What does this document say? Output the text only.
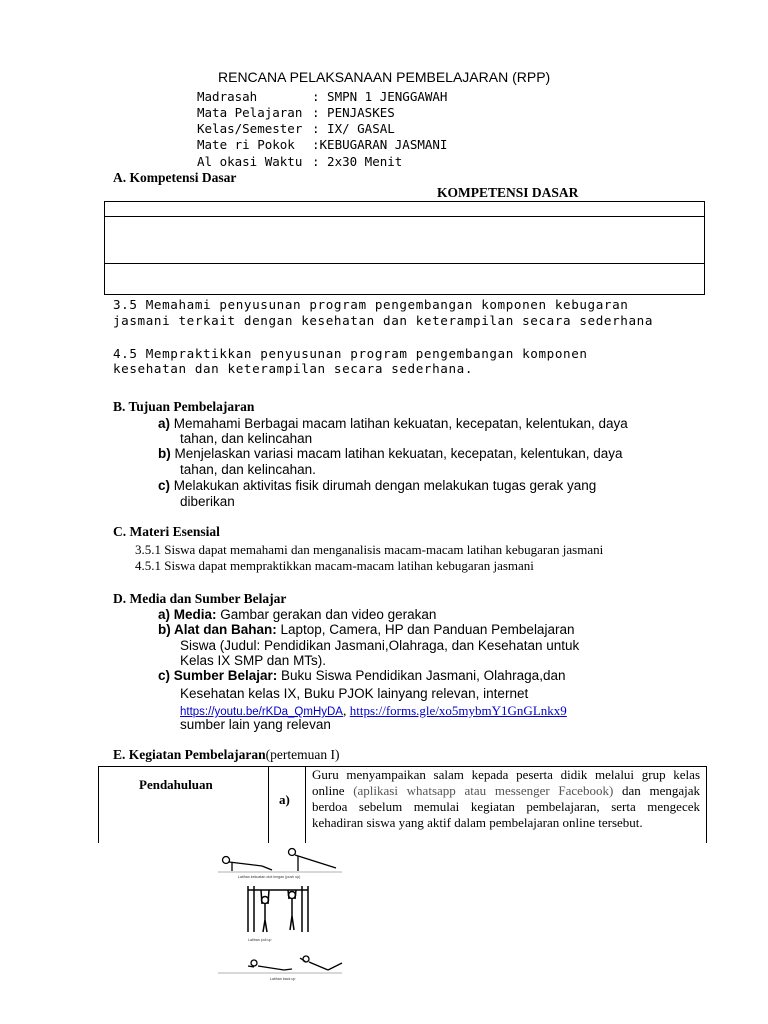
RENCANA PELAKSANAAN PEMBELAJARAN (RPP)
Madrasah	: SMPN 1 JENGGAWAH
Mata Pelajaran : PENJASKES
Kelas/Semester : IX/ GASAL
Mate ri Pokok :KEBUGARAN JASMANI
Al okasi Waktu : 2x30 Menit
A. Kompetensi Dasar
KOMPETENSI DASAR
3.5 Memahami penyusunan program pengembangan komponen kebugaran
jasmani terkait dengan kesehatan dan keterampilan secara sederhana
4.5 Mempraktikkan penyusunan program pengembangan komponen
kesehatan dan keterampilan secara sederhana.
B. Tujuan Pembelajaran
a) Memahami Berbagai macam latihan kekuatan, kecepatan, kelentukan, daya
tahan, dan kelincahan
b) Menjelaskan variasi macam latihan kekuatan, kecepatan, kelentukan, daya
tahan, dan kelincahan.
c) Melakukan aktivitas fisik dirumah dengan melakukan tugas gerak yang
diberikan
C. Materi Esensial
3.5.1 Siswa dapat memahami dan menganalisis macam-macam latihan kebugaran jasmani
4.5.1 Siswa dapat mempraktikkan macam-macam latihan kebugaran jasmani
D. Media dan Sumber Belajar
a) Media: Gambar gerakan dan video gerakan
b) Alat dan Bahan: Laptop, Camera, HP dan Panduan Pembelajaran
Siswa (Judul: Pendidikan Jasmani,Olahraga, dan Kesehatan untuk
Kelas IX SMP dan MTs).
c) Sumber Belajar: Buku Siswa Pendidikan Jasmani, Olahraga,dan
Kesehatan kelas IX, Buku PJOK lainyang relevan, internet
https://youtu.be/rKDa_QmHyDA, https://forms.gle/xo5mybmY1GnGLnkx9
sumber lain yang relevan
E. Kegiatan Pembelajaran(pertemuan I)
Pendahuluan
a)
Guru menyampaikan salam kepada peserta didik melalui grup kelas online (aplikasi whatsapp atau messenger Facebook) dan mengajak berdoa sebelum memulai kegiatan pembelajaran, serta mengecek kehadiran siswa yang aktif dalam pembelajaran online tersebut.
Latihan kekuatan otot lengan (push up)
Latihan pull up
Latihan back up
